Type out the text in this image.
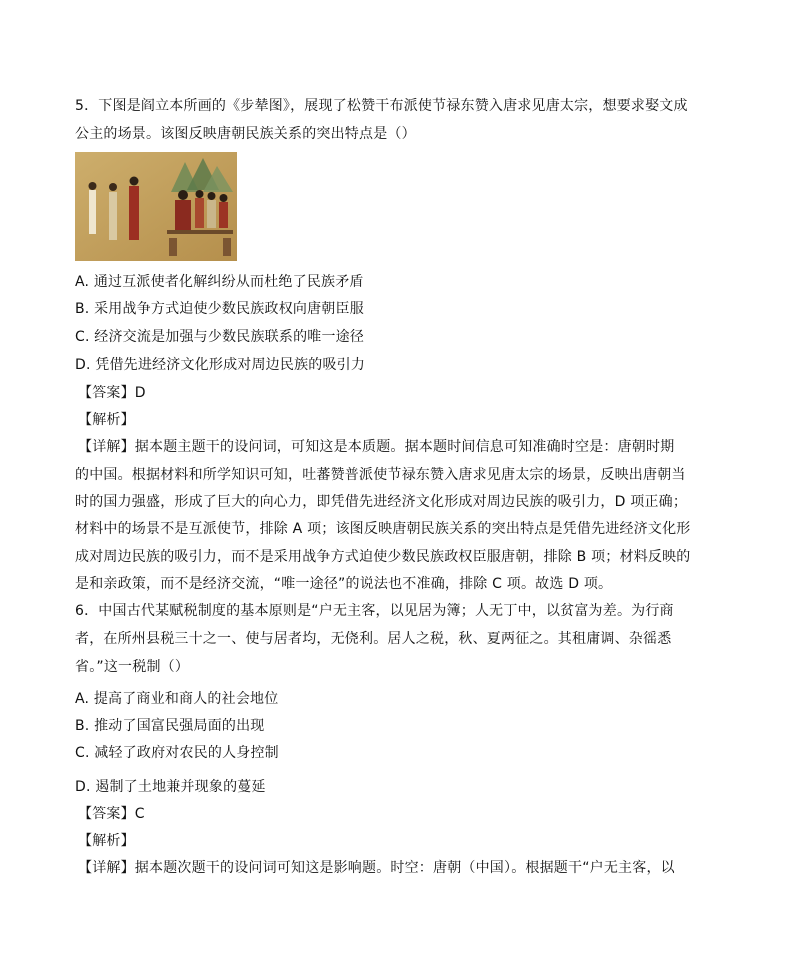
5．下图是阎立本所画的《步辇图》，展现了松赞干布派使节禄东赞入唐求见唐太宗，想要求娶文成
公主的场景。该图反映唐朝民族关系的突出特点是（）
A. 通过互派使者化解纠纷从而杜绝了民族矛盾
B. 采用战争方式迫使少数民族政权向唐朝臣服
C. 经济交流是加强与少数民族联系的唯一途径
D. 凭借先进经济文化形成对周边民族的吸引力
【答案】D
【解析】
【详解】据本题主题干的设问词，可知这是本质题。据本题时间信息可知准确时空是：唐朝时期
的中国。根据材料和所学知识可知，吐蕃赞普派使节禄东赞入唐求见唐太宗的场景，反映出唐朝当
时的国力强盛，形成了巨大的向心力，即凭借先进经济文化形成对周边民族的吸引力，D 项正确；
材料中的场景不是互派使节，排除 A 项；该图反映唐朝民族关系的突出特点是凭借先进经济文化形
成对周边民族的吸引力，而不是采用战争方式迫使少数民族政权臣服唐朝，排除 B 项；材料反映的
是和亲政策，而不是经济交流，“唯一途径”的说法也不准确，排除 C 项。故选 D 项。
6．中国古代某赋税制度的基本原则是“户无主客，以见居为簿；人无丁中，以贫富为差。为行商
者，在所州县税三十之一、使与居者均，无侥利。居人之税，秋、夏两征之。其租庸调、杂徭悉
省。”这一税制（）
A. 提高了商业和商人的社会地位
B. 推动了国富民强局面的出现
C. 减轻了政府对农民的人身控制
D. 遏制了土地兼并现象的蔓延
【答案】C
【解析】
【详解】据本题次题干的设问词可知这是影响题。时空：唐朝（中国）。根据题干“户无主客，以
